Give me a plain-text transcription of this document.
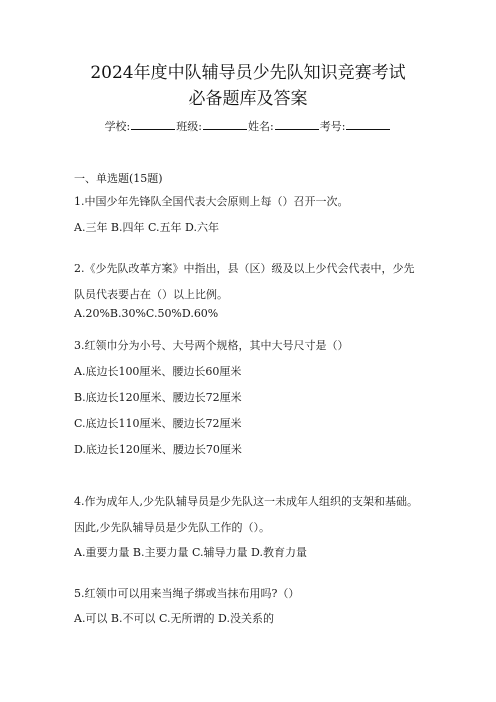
2024年度中队辅导员少先队知识竞赛考试
必备题库及答案
学校:	班级:	姓名:	考号:
一、单选题(15题)
1.中国少年先锋队全国代表大会原则上每（）召开一次。
A.三年 B.四年 C.五年 D.六年
2.《少先队改革方案》中指出，县（区）级及以上少代会代表中，少先
队员代表要占在（）以上比例。
A.20%B.30%C.50%D.60%
3.红领巾分为小号、大号两个规格，其中大号尺寸是（）
A.底边长100厘米、腰边长60厘米
B.底边长120厘米、腰边长72厘米
C.底边长110厘米、腰边长72厘米
D.底边长120厘米、腰边长70厘米
4.作为成年人,少先队辅导员是少先队这一未成年人组织的支架和基础。
因此,少先队辅导员是少先队工作的（）。
A.重要力量 B.主要力量 C.辅导力量 D.教育力量
5.红领巾可以用来当绳子绑或当抹布用吗?（）
A.可以 B.不可以 C.无所谓的 D.没关系的
